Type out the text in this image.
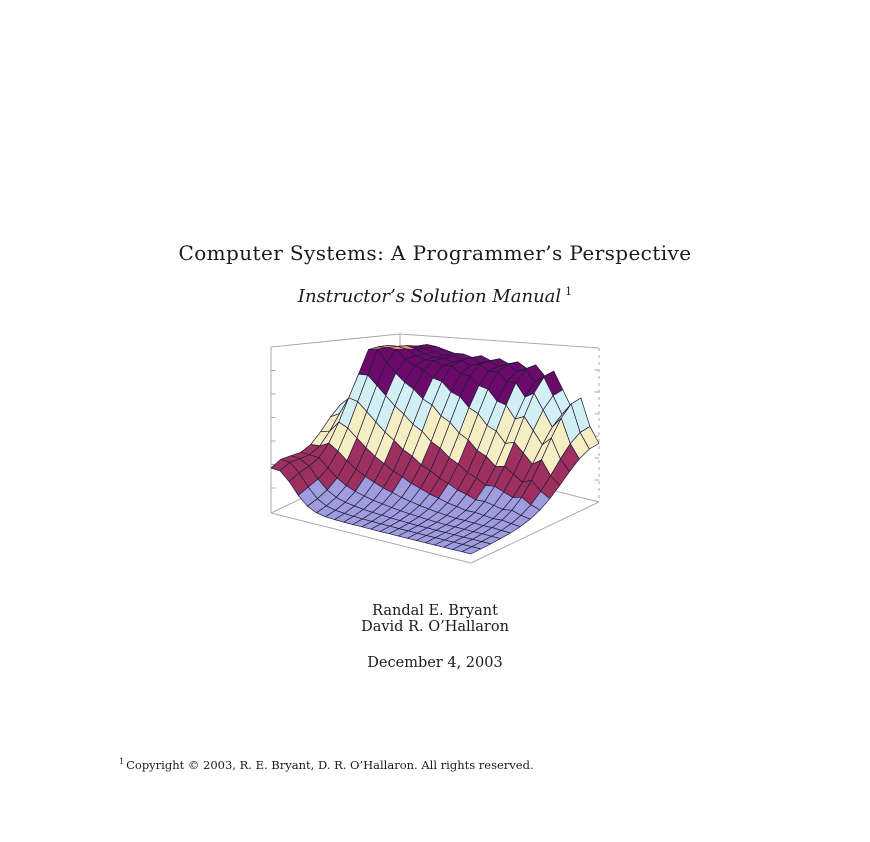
Computer Systems: A Programmer’s Perspective
Instructor’s Solution Manual $^1$
Randal E. Bryant
David R. O’Hallaron
December 4, 2003
$^1$ Copyright © 2003, R. E. Bryant, D. R. O’Hallaron. All rights reserved.
